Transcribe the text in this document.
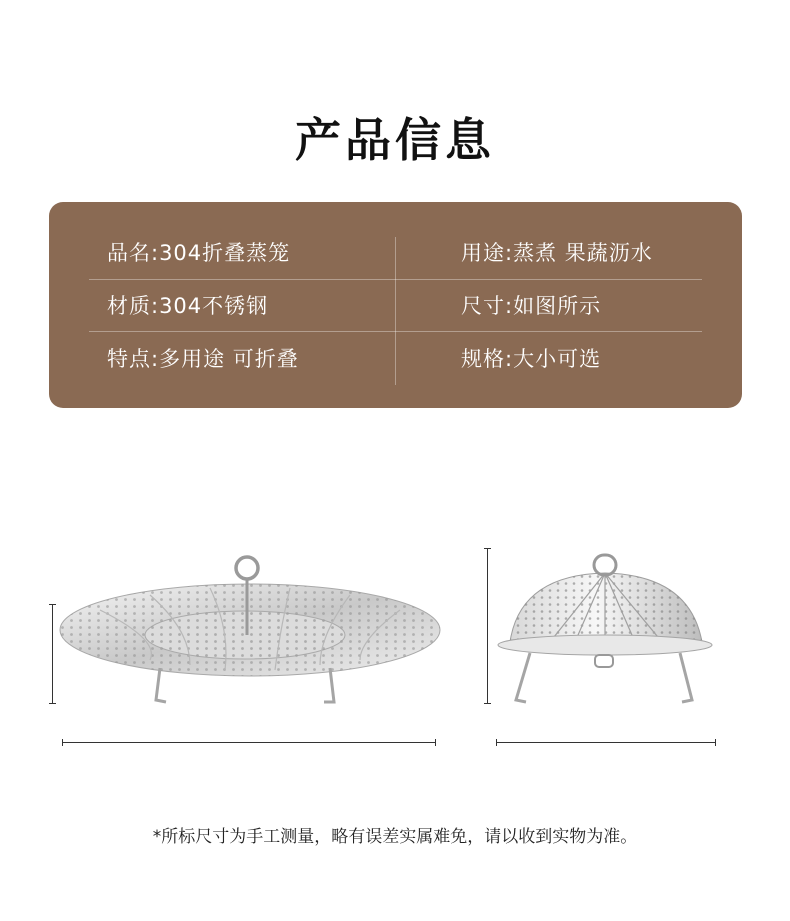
产品信息
品名:304折叠蒸笼	用途:蒸煮 果蔬沥水
材质:304不锈钢	尺寸:如图所示
特点:多用途 可折叠	规格:大小可选
*所标尺寸为手工测量，略有误差实属难免，请以收到实物为准。
